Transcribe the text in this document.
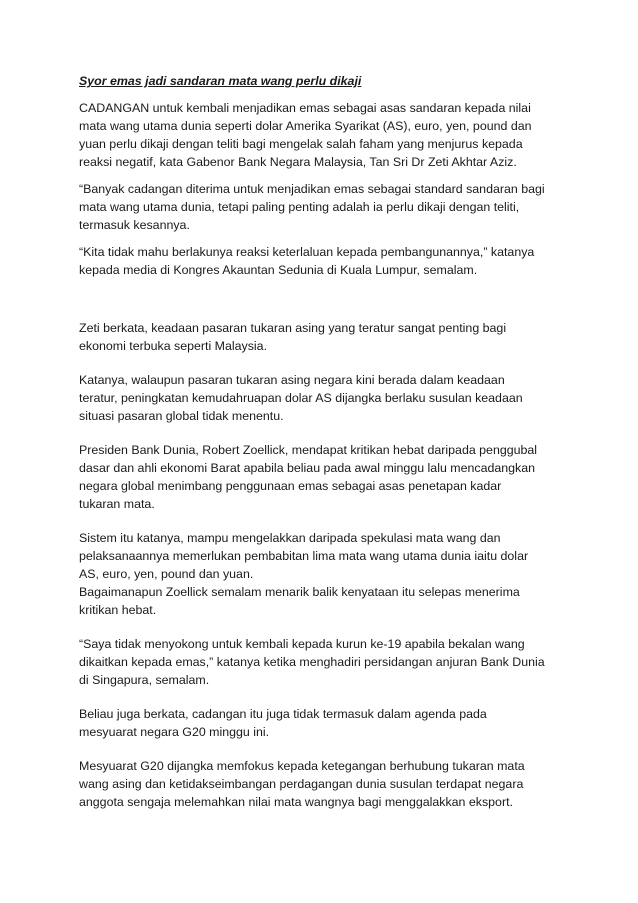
Syor emas jadi sandaran mata wang perlu dikaji

CADANGAN untuk kembali menjadikan emas sebagai asas sandaran kepada nilai
mata wang utama dunia seperti dolar Amerika Syarikat (AS), euro, yen, pound dan
yuan perlu dikaji dengan teliti bagi mengelak salah faham yang menjurus kepada
reaksi negatif, kata Gabenor Bank Negara Malaysia, Tan Sri Dr Zeti Akhtar Aziz.

“Banyak cadangan diterima untuk menjadikan emas sebagai standard sandaran bagi
mata wang utama dunia, tetapi paling penting adalah ia perlu dikaji dengan teliti,
termasuk kesannya.

“Kita tidak mahu berlakunya reaksi keterlaluan kepada pembangunannya,” katanya
kepada media di Kongres Akauntan Sedunia di Kuala Lumpur, semalam.

Zeti berkata, keadaan pasaran tukaran asing yang teratur sangat penting bagi
ekonomi terbuka seperti Malaysia.

Katanya, walaupun pasaran tukaran asing negara kini berada dalam keadaan
teratur, peningkatan kemudahruapan dolar AS dijangka berlaku susulan keadaan
situasi pasaran global tidak menentu.

Presiden Bank Dunia, Robert Zoellick, mendapat kritikan hebat daripada penggubal
dasar dan ahli ekonomi Barat apabila beliau pada awal minggu lalu mencadangkan
negara global menimbang penggunaan emas sebagai asas penetapan kadar
tukaran mata.

Sistem itu katanya, mampu mengelakkan daripada spekulasi mata wang dan
pelaksanaannya memerlukan pembabitan lima mata wang utama dunia iaitu dolar
AS, euro, yen, pound dan yuan.
Bagaimanapun Zoellick semalam menarik balik kenyataan itu selepas menerima
kritikan hebat.

“Saya tidak menyokong untuk kembali kepada kurun ke-19 apabila bekalan wang
dikaitkan kepada emas,” katanya ketika menghadiri persidangan anjuran Bank Dunia
di Singapura, semalam.

Beliau juga berkata, cadangan itu juga tidak termasuk dalam agenda pada
mesyuarat negara G20 minggu ini.

Mesyuarat G20 dijangka memfokus kepada ketegangan berhubung tukaran mata
wang asing dan ketidakseimbangan perdagangan dunia susulan terdapat negara
anggota sengaja melemahkan nilai mata wangnya bagi menggalakkan eksport.
